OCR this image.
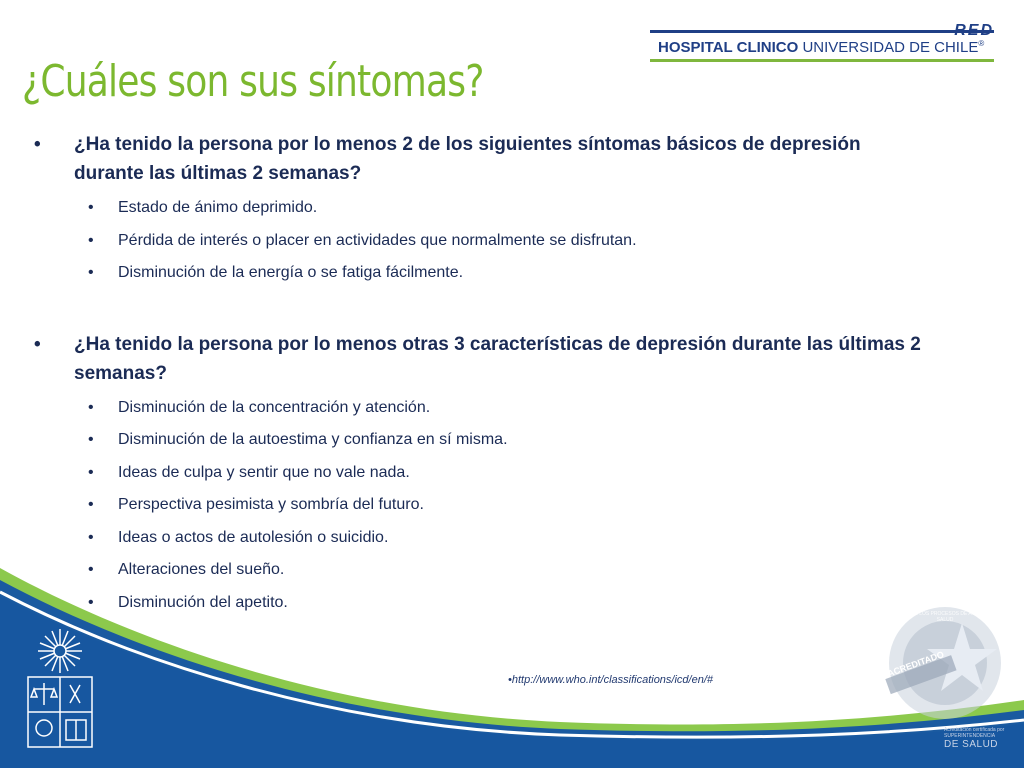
HOSPITAL CLINICO UNIVERSIDAD DE CHILE®
¿Cuáles son sus síntomas?
• ¿Ha tenido la persona por lo menos 2 de los siguientes síntomas básicos de depresión durante las últimas 2 semanas?
• Estado de ánimo deprimido.
• Pérdida de interés o placer en actividades que normalmente se disfrutan.
• Disminución de la energía o se fatiga fácilmente.
• ¿Ha tenido la persona por lo menos otras 3 características de depresión durante las últimas 2 semanas?
• Disminución de la concentración y atención.
• Disminución de la autoestima y confianza en sí misma.
• Ideas de culpa y sentir que no vale nada.
• Perspectiva pesimista y sombría del futuro.
• Ideas o actos de autolesión o suicidio.
• Alteraciones del sueño.
• Disminución del apetito.
•http://www.who.int/classifications/icd/en/#
ACREDITADO
CALIDAD EN LOS PROCESOS DE ATENCIÓN EN SALUD
Acreditación certificada por
SUPERINTENDENCIA
DE SALUD
